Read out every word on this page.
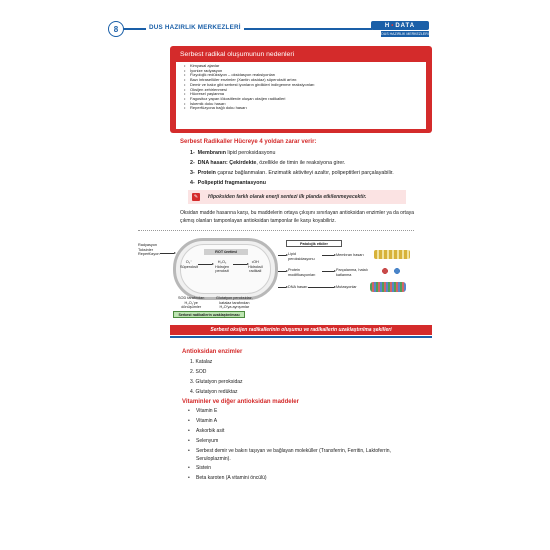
8	DUS HAZIRLIK MERKEZLERİ	H • DATA
DUS HAZIRLIK MERKEZLERİ
Serbest radikal oluşumunun nedenleri
• Kimyasal ajanlar
• İyonize radyasyon
• Fizyolojik redüksiyon – oksidasyon reaksiyonları
• Bazı intrasellüler enzimler (Xantin oksidaz) süperoksiti artırır.
• Demir ve bakır gibi serbest iyonların girdikleri indirgenme reaksiyonları
• Oksijen zehirlenmesi
• Hücresel yaşlanma
• Fagositoz yapan lökositlerde oluşan oksijen radikalleri
• İskemik doku hasarı
• Reperfüzyona bağlı doku hasarı
Serbest Radikaller Hücreye 4 yoldan zarar verir:
1- Membranın lipid peroksidasyonu
2- DNA hasarı: Çekirdekte, özellikle de timin ile reaksiyona girer.
3- Protein çapraz bağlanmaları. Enzimatik aktiviteyi azaltır, polipeptitleri parçalayabilir.
4- Polipeptid fragmantasyonu
✎	Hipoksiden farklı olarak enerji sentezi ilk planda etkilenmeyecektir.
Oksidan madde hasarına karşı, bu maddelerin ortaya çıkışını sınırlayan antioksidan enzimler ya da ortaya çıkmış olanları tamponlayan antioksidan tamponlar ile karşı koyabiliriz.
Radyasyon
Toksinler
Reperfüzyon	ROT üretimi
O₂⁻
Süperoksit
H₂O₂
Hidrojen
peroksit
•OH
Hidroksil
radikali
SOD tarafından
H₂O₂'ye
dönüşümler
Glutatyon peroksidaz,
katalaz tarafından
H₂O'ya ayrışımlar
Serbest radikallerin uzaklaştırılması
Patolojik etkiler
Lipid peroksidasyonu
Membran hasarı
Protein modifikasyonları
Parçalanma, hatalı katlanma
DNA hasarı	Mutasyonlar
Serbest oksijen radikallerinin oluşumu ve radikallerin uzaklaştırılma şekilleri
Antioksidan enzimler
1. Katalaz
2. SOD
3. Glutatyon peroksidaz
4. Glutatyon redüktaz
Vitaminler ve diğer antioksidan maddeler
• Vitamin E
• Vitamin A
• Askorbik asit
• Selenyum
• Serbest demir ve bakırı taşıyan ve bağlayan moleküller (Transferrin, Ferritin, Laktoferrin, Seruloplazmin).
• Sistein
• Beta karoten (A vitamini öncülü)
